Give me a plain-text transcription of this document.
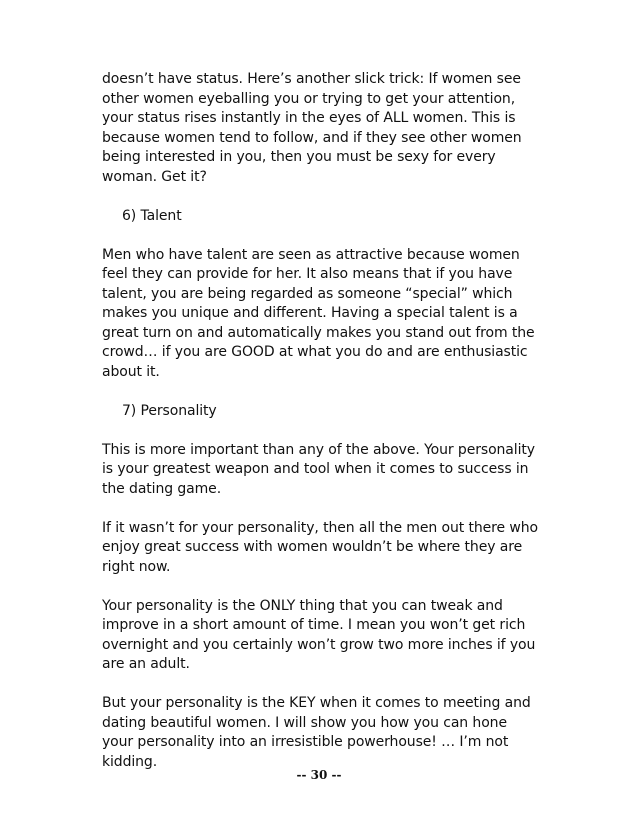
doesn’t have status. Here’s another slick trick: If women see other women eyeballing you or trying to get your attention, your status rises instantly in the eyes of ALL women. This is because women tend to follow, and if they see other women being interested in you, then you must be sexy for every woman. Get it?

6) Talent

Men who have talent are seen as attractive because women feel they can provide for her. It also means that if you have talent, you are being regarded as someone “special” which makes you unique and different. Having a special talent is a great turn on and automatically makes you stand out from the crowd… if you are GOOD at what you do and are enthusiastic about it.

7) Personality

This is more important than any of the above. Your personality is your greatest weapon and tool when it comes to success in the dating game.

If it wasn’t for your personality, then all the men out there who enjoy great success with women wouldn’t be where they are right now.

Your personality is the ONLY thing that you can tweak and improve in a short amount of time. I mean you won’t get rich overnight and you certainly won’t grow two more inches if you are an adult.

But your personality is the KEY when it comes to meeting and dating beautiful women. I will show you how you can hone your personality into an irresistible powerhouse! … I’m not kidding.

-- 30 --
